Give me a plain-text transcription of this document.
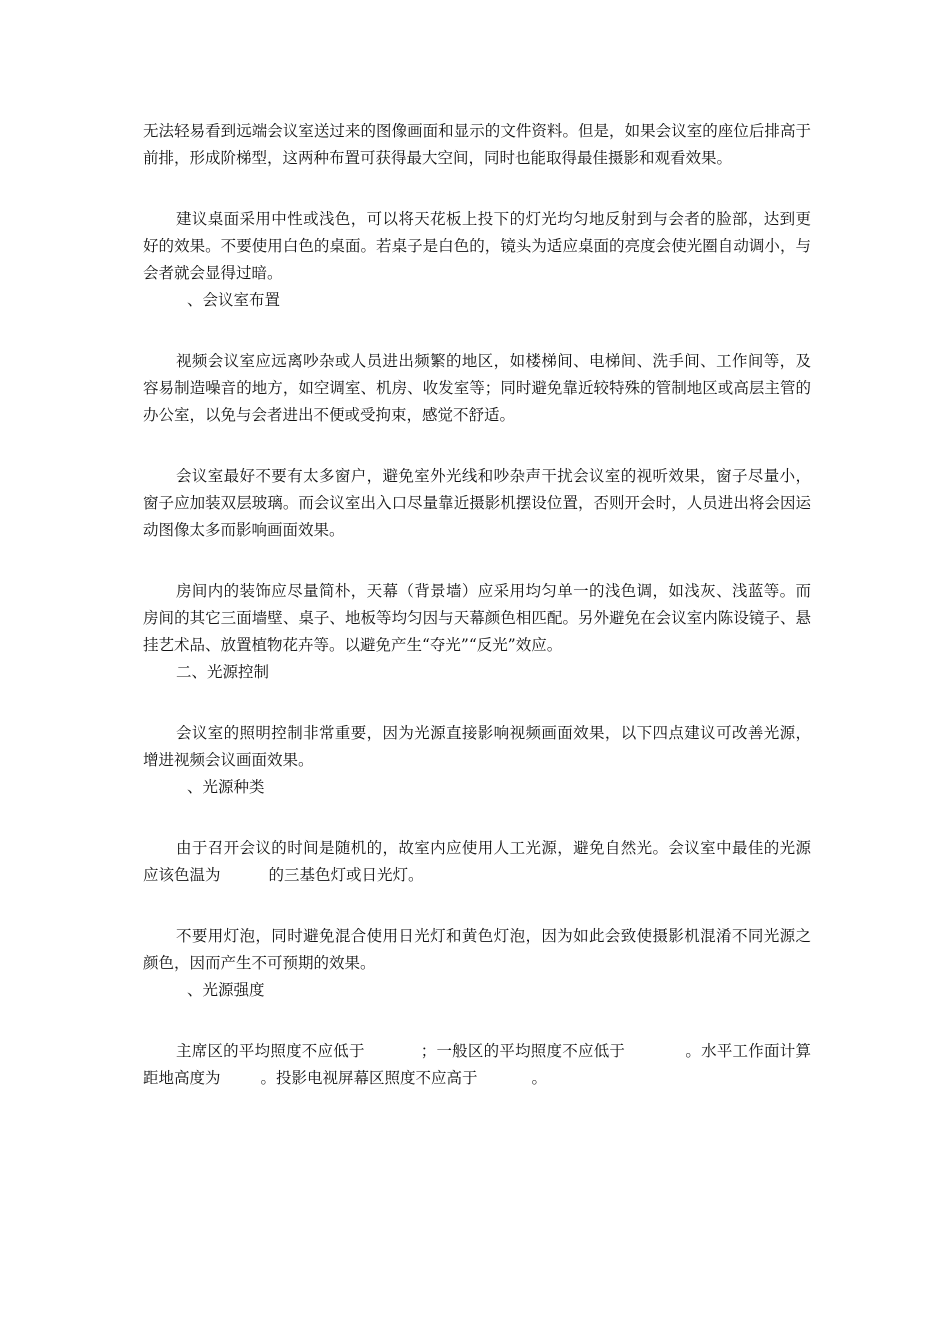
无法轻易看到远端会议室送过来的图像画面和显示的文件资料。但是，如果会议室的座位后排高于前排，形成阶梯型，这两种布置可获得最大空间，同时也能取得最佳摄影和观看效果。

建议桌面采用中性或浅色，可以将天花板上投下的灯光均匀地反射到与会者的脸部，达到更好的效果。不要使用白色的桌面。若桌子是白色的，镜头为适应桌面的亮度会使光圈自动调小，与会者就会显得过暗。

、会议室布置

视频会议室应远离吵杂或人员进出频繁的地区，如楼梯间、电梯间、洗手间、工作间等，及容易制造噪音的地方，如空调室、机房、收发室等；同时避免靠近较特殊的管制地区或高层主管的办公室，以免与会者进出不便或受拘束，感觉不舒适。

会议室最好不要有太多窗户，避免室外光线和吵杂声干扰会议室的视听效果，窗子尽量小，窗子应加装双层玻璃。而会议室出入口尽量靠近摄影机摆设位置，否则开会时，人员进出将会因运动图像太多而影响画面效果。

房间内的装饰应尽量简朴，天幕（背景墙）应采用均匀单一的浅色调，如浅灰、浅蓝等。而房间的其它三面墙壁、桌子、地板等均匀因与天幕颜色相匹配。另外避免在会议室内陈设镜子、悬挂艺术品、放置植物花卉等。以避免产生“夺光”“反光”效应。

二、光源控制

会议室的照明控制非常重要，因为光源直接影响视频画面效果，以下四点建议可改善光源，增进视频会议画面效果。

、光源种类

由于召开会议的时间是随机的，故室内应使用人工光源，避免自然光。会议室中最佳的光源应该色温为	的三基色灯或日光灯。

不要用灯泡，同时避免混合使用日光灯和黄色灯泡，因为如此会致使摄影机混淆不同光源之颜色，因而产生不可预期的效果。

、光源强度

主席区的平均照度不应低于	；一般区的平均照度不应低于	。水平工作面计算距地高度为	。投影电视屏幕区照度不应高于	。
